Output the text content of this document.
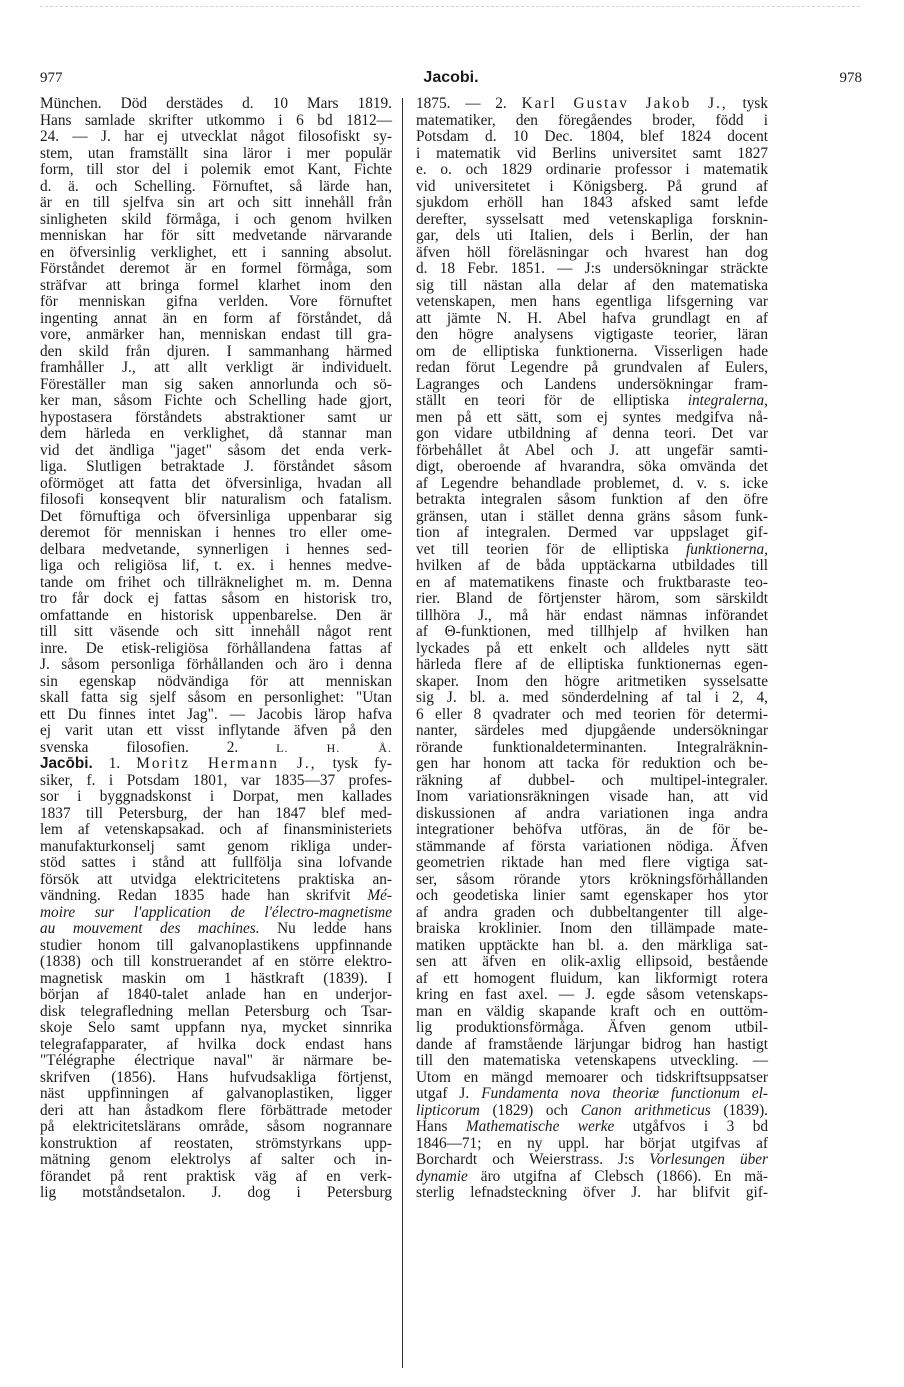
977	Jacobi.	978
München. Död derstädes d. 10 Mars 1819.
Hans samlade skrifter utkommo i 6 bd 1812—
24. — J. har ej utvecklat något filosofiskt sy-
stem, utan framställt sina läror i mer populär
form, till stor del i polemik emot Kant, Fichte
d. ä. och Schelling. Förnuftet, så lärde han,
är en till sjelfva sin art och sitt innehåll från
sinligheten skild förmåga, i och genom hvilken
menniskan har för sitt medvetande närvarande
en öfversinlig verklighet, ett i sanning absolut.
Förståndet deremot är en formel förmåga, som
sträfvar att bringa formel klarhet inom den
för menniskan gifna verlden. Vore förnuftet
ingenting annat än en form af förståndet, då
vore, anmärker han, menniskan endast till gra-
den skild från djuren. I sammanhang härmed
framhåller J., att allt verkligt är individuelt.
Föreställer man sig saken annorlunda och sö-
ker man, såsom Fichte och Schelling hade gjort,
hypostasera förståndets abstraktioner samt ur
dem härleda en verklighet, då stannar man
vid det ändliga "jaget" såsom det enda verk-
liga. Slutligen betraktade J. förståndet såsom
oförmöget att fatta det öfversinliga, hvadan all
filosofi konseqvent blir naturalism och fatalism.
Det förnuftiga och öfversinliga uppenbarar sig
deremot för menniskan i hennes tro eller ome-
delbara medvetande, synnerligen i hennes sed-
liga och religiösa lif, t. ex. i hennes medve-
tande om frihet och tillräknelighet m. m. Denna
tro får dock ej fattas såsom en historisk tro,
omfattande en historisk uppenbarelse. Den är
till sitt väsende och sitt innehåll något rent
inre. De etisk-religiösa förhållandena fattas af
J. såsom personliga förhållanden och äro i denna
sin egenskap nödvändiga för att menniskan
skall fatta sig sjelf såsom en personlighet: "Utan
ett Du finnes intet Jag". — Jacobis lärор hafva
ej varit utan ett visst inflytande äfven på den
svenska filosofien. 2.	L. H. Å.
Jacōbi. 1. Moritz Hermann J., tysk fy-
siker, f. i Potsdam 1801, var 1835—37 profes-
sor i byggnadskonst i Dorpat, men kallades
1837 till Petersburg, der han 1847 blef med-
lem af vetenskapsakad. och af finansministeriets
manufakturkonselj samt genom rikliga under-
stöd sattes i stånd att fullfölja sina lofvande
försök att utvidga elektricitetens praktiska an-
vändning. Redan 1835 hade han skrifvit Mé-
moire sur l'application de l'électro-magnetisme
au mouvement des machines. Nu ledde hans
studier honom till galvanoplastikens uppfinnande
(1838) och till konstruerandet af en större elektro-
magnetisk maskin om 1 hästkraft (1839). I
början af 1840-talet anlade han en underjor-
disk telegrafledning mellan Petersburg och Tsar-
skoje Selo samt uppfann nya, mycket sinnrika
telegrafapparater, af hvilka dock endast hans
"Télégraphe électrique naval" är närmare be-
skrifven (1856). Hans hufvudsakliga förtjenst,
näst uppfinningen af galvanoplastiken, ligger
deri att han åstadkom flere förbättrade metoder
på elektricitetslärans område, såsom nogrannare
konstruktion af reostaten, strömstyrkans upp-
mätning genom elektrolys af salter och in-
förandet på rent praktisk väg af en verk-
lig motståndsetalon. J. dog i Petersburg
1875. — 2. Karl Gustav Jakob J., tysk
matematiker, den föregåendes broder, född i
Potsdam d. 10 Dec. 1804, blef 1824 docent
i matematik vid Berlins universitet samt 1827
e. o. och 1829 ordinarie professor i matematik
vid universitetet i Königsberg. På grund af
sjukdom erhöll han 1843 afsked samt lefde
derefter, sysselsatt med vetenskapliga forsknin-
gar, dels uti Italien, dels i Berlin, der han
äfven höll föreläsningar och hvarest han dog
d. 18 Febr. 1851. — J:s undersökningar sträckte
sig till nästan alla delar af den matematiska
vetenskapen, men hans egentliga lifsgerning var
att jämte N. H. Abel hafva grundlagt en af
den högre analysens vigtigaste teorier, läran
om de elliptiska funktionerna. Visserligen hade
redan förut Legendre på grundvalen af Eulers,
Lagranges och Landens undersökningar fram-
ställt en teori för de elliptiska integralerna,
men på ett sätt, som ej syntes medgifva nå-
gon vidare utbildning af denna teori. Det var
förbehållet åt Abel och J. att ungefär samti-
digt, oberoende af hvarandra, söka omvända det
af Legendre behandlade problemet, d. v. s. icke
betrakta integralen såsom funktion af den öfre
gränsen, utan i stället denna gräns såsom funk-
tion af integralen. Dermed var uppslaget gif-
vet till teorien för de elliptiska funktionerna,
hvilken af de båda upptäckarna utbildades till
en af matematikens finaste och fruktbaraste teo-
rier. Bland de förtjenster härom, som särskildt
tillhöra J., må här endast nämnas införandet
af Θ-funktionen, med tillhjelp af hvilken han
lyckades på ett enkelt och alldeles nytt sätt
härleda flere af de elliptiska funktionernas egen-
skaper. Inom den högre aritmetiken sysselsatte
sig J. bl. a. med sönderdelning af tal i 2, 4,
6 eller 8 qvadrater och med teorien för determi-
nanter, särdeles med djupgående undersökningar
rörande funktionaldeterminanten. Integralräknin-
gen har honom att tacka för reduktion och be-
räkning af dubbel- och multipel-integraler.
Inom variationsräkningen visade han, att vid
diskussionen af andra variationen inga andra
integrationer behöfva utföras, än de för be-
stämmande af första variationen nödiga. Äfven
geometrien riktade han med flere vigtiga sat-
ser, såsom rörande ytors krökningsförhållanden
och geodetiska linier samt egenskaper hos ytor
af andra graden och dubbeltangenter till alge-
braiska kroklinier. Inom den tillämpade mate-
matiken upptäckte han bl. a. den märkliga sat-
sen att äfven en olik-axlig ellipsoid, bestående
af ett homogent fluidum, kan likformigt rotera
kring en fast axel. — J. egde såsom vetenskaps-
man en väldig skapande kraft och en outtöm-
lig produktionsförmåga. Äfven genom utbil-
dande af framstående lärjungar bidrog han hastigt
till den matematiska vetenskapens utveckling. —
Utom en mängd memoarer och tidskriftsuppsatser
utgaf J. Fundamenta nova theoriæ functionum el-
lipticorum (1829) och Canon arithmeticus (1839).
Hans Mathematische werke utgåfvos i 3 bd
1846—71; en ny uppl. har börjat utgifvas af
Borchardt och Weierstrass. J:s Vorlesungen über
dynamie äro utgifna af Clebsch (1866). En mä-
sterlig lefnadsteckning öfver J. har blifvit gif-
